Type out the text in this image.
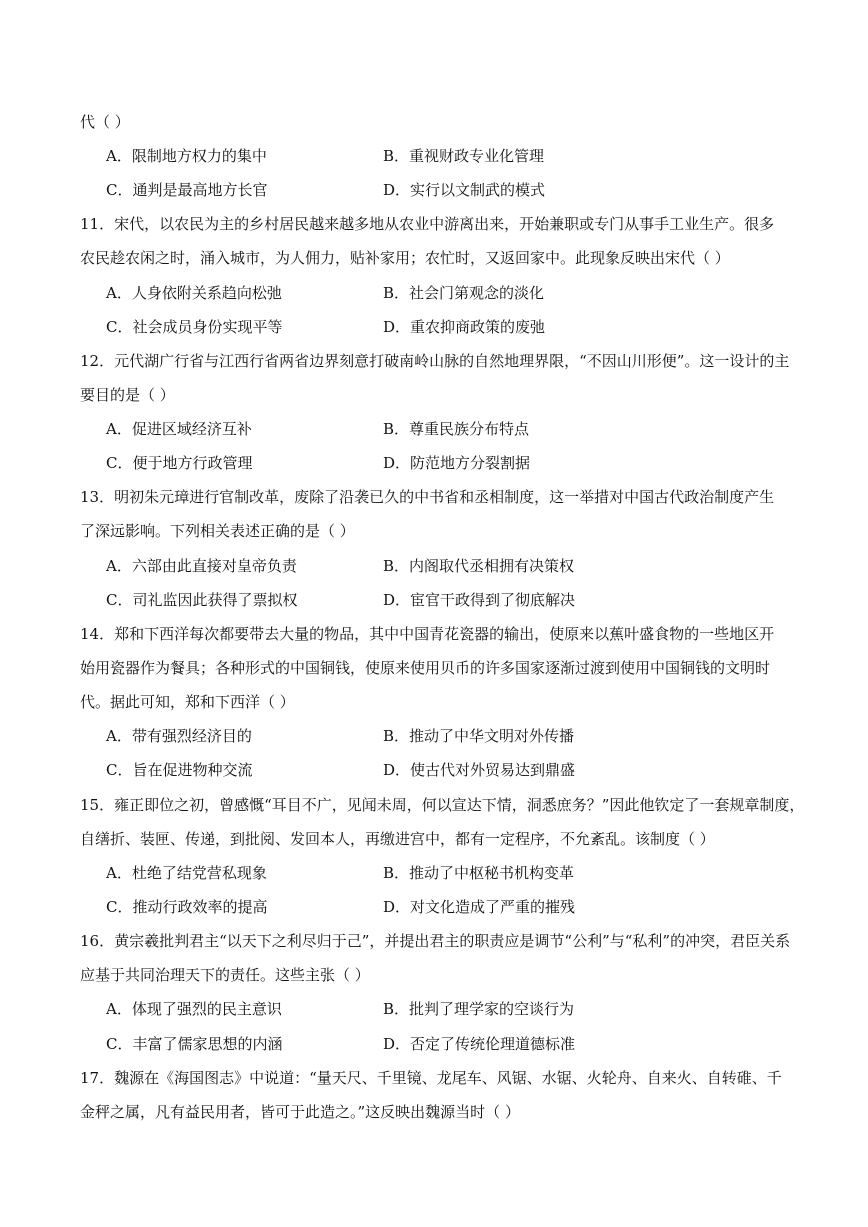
代（ ）
A．限制地方权力的集中	B．重视财政专业化管理
C．通判是最高地方长官	D．实行以文制武的模式
11．宋代，以农民为主的乡村居民越来越多地从农业中游离出来，开始兼职或专门从事手工业生产。很多
农民趁农闲之时，涌入城市，为人佣力，贴补家用；农忙时，又返回家中。此现象反映出宋代（ ）
A．人身依附关系趋向松弛	B．社会门第观念的淡化
C．社会成员身份实现平等	D．重农抑商政策的废弛
12．元代湖广行省与江西行省两省边界刻意打破南岭山脉的自然地理界限，“不因山川形便”。这一设计的主
要目的是（ ）
A．促进区域经济互补	B．尊重民族分布特点
C．便于地方行政管理	D．防范地方分裂割据
13．明初朱元璋进行官制改革，废除了沿袭已久的中书省和丞相制度，这一举措对中国古代政治制度产生
了深远影响。下列相关表述正确的是（ ）
A．六部由此直接对皇帝负责	B．内阁取代丞相拥有决策权
C．司礼监因此获得了票拟权	D．宦官干政得到了彻底解决
14．郑和下西洋每次都要带去大量的物品，其中中国青花瓷器的输出，使原来以蕉叶盛食物的一些地区开
始用瓷器作为餐具；各种形式的中国铜钱，使原来使用贝币的许多国家逐渐过渡到使用中国铜钱的文明时
代。据此可知，郑和下西洋（ ）
A．带有强烈经济目的	B．推动了中华文明对外传播
C．旨在促进物种交流	D．使古代对外贸易达到鼎盛
15．雍正即位之初，曾感慨“耳目不广，见闻未周，何以宣达下情，洞悉庶务？”因此他钦定了一套规章制度，
自缮折、装匣、传递，到批阅、发回本人，再缴进宫中，都有一定程序，不允紊乱。该制度（ ）
A．杜绝了结党营私现象	B．推动了中枢秘书机构变革
C．推动行政效率的提高	D．对文化造成了严重的摧残
16．黄宗羲批判君主“以天下之利尽归于己”，并提出君主的职责应是调节“公利”与“私利”的冲突，君臣关系
应基于共同治理天下的责任。这些主张（ ）
A．体现了强烈的民主意识	B．批判了理学家的空谈行为
C．丰富了儒家思想的内涵	D．否定了传统伦理道德标准
17．魏源在《海国图志》中说道：“量天尺、千里镜、龙尾车、风锯、水锯、火轮舟、自来火、自转碓、千
金秤之属，凡有益民用者，皆可于此造之。”这反映出魏源当时（ ）
